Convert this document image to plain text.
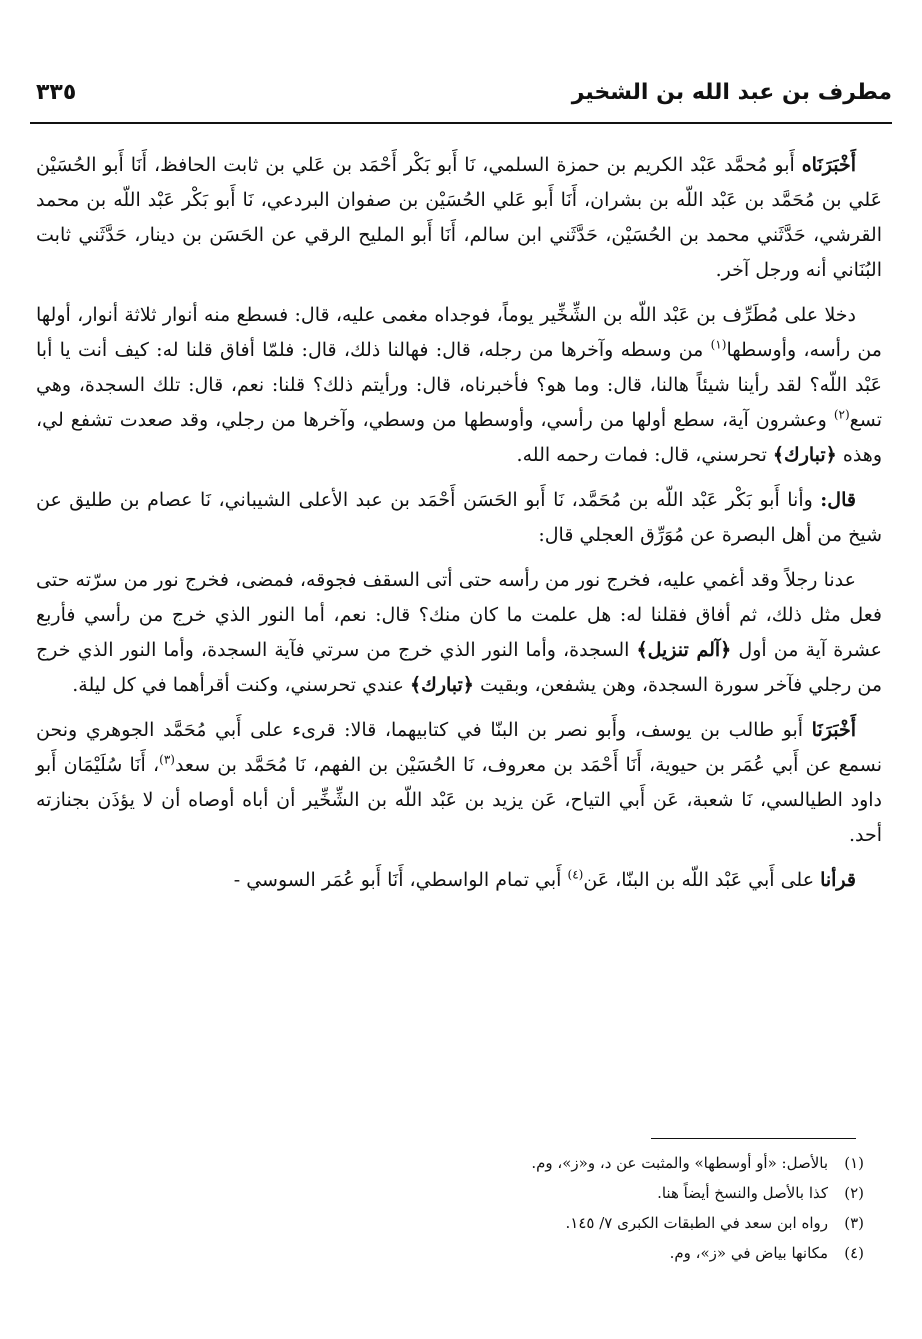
مطرف بن عبد الله بن الشخير
٣٣٥

أَخْبَرَنَاه أَبو مُحمَّد عَبْد الكريم بن حمزة السلمي، نَا أَبو بَكْر أَحْمَد بن عَلي بن ثابت الحافظ، أَنَا أَبو الحُسَيْن عَلي بن مُحَمَّد بن عَبْد اللّه بن بشران، أَنَا أَبو عَلي الحُسَيْن بن صفوان البردعي، نَا أَبو بَكْر عَبْد اللّه بن محمد القرشي، حَدَّثَني محمد بن الحُسَيْن، حَدَّثَني ابن سالم، أَنَا أَبو المليح الرقي عن الحَسَن بن دينار، حَدَّثَني ثابت البُنَاني أنه ورجل آخر.

دخلا على مُطَرِّف بن عَبْد اللّه بن الشِّخِّير يوماً، فوجداه مغمى عليه، قال: فسطع منه أنوار ثلاثة أنوار، أولها من رأسه، وأوسطها$^{(١)}$ من وسطه وآخرها من رجله، قال: فهالنا ذلك، قال: فلمّا أفاق قلنا له: كيف أنت يا أبا عَبْد اللّه؟ لقد رأينا شيئاً هالنا، قال: وما هو؟ فأخبرناه، قال: ورأيتم ذلك؟ قلنا: نعم، قال: تلك السجدة، وهي تسع$^{(٢)}$ وعشرون آية، سطع أولها من رأسي، وأوسطها من وسطي، وآخرها من رجلي، وقد صعدت تشفع لي، وهذه ﴿تبارك﴾ تحرسني، قال: فمات رحمه الله.

قال: وأنا أَبو بَكْر عَبْد اللّه بن مُحَمَّد، نَا أَبو الحَسَن أَحْمَد بن عبد الأعلى الشيباني، نَا عصام بن طليق عن شيخ من أهل البصرة عن مُوَرِّق العجلي قال:

عدنا رجلاً وقد أغمي عليه، فخرج نور من رأسه حتى أتى السقف فجوقه، فمضى، فخرج نور من سرّته حتى فعل مثل ذلك، ثم أفاق فقلنا له: هل علمت ما كان منك؟ قال: نعم، أما النور الذي خرج من رأسي فأربع عشرة آية من أول ﴿آلم تنزيل﴾ السجدة، وأما النور الذي خرج من سرتي فآية السجدة، وأما النور الذي خرج من رجلي فآخر سورة السجدة، وهن يشفعن، وبقيت ﴿تبارك﴾ عندي تحرسني، وكنت أقرأهما في كل ليلة.

أَخْبَرَنَا أَبو طالب بن يوسف، وأَبو نصر بن البنّا في كتابيهما، قالا: قرىء على أَبي مُحَمَّد الجوهري ونحن نسمع عن أَبي عُمَر بن حيوية، أَنَا أَحْمَد بن معروف، نَا الحُسَيْن بن الفهم، نَا مُحَمَّد بن سعد$^{(٣)}$، أَنَا سُلَيْمَان أَبو داود الطيالسي، نَا شعبة، عَن أَبي التياح، عَن يزيد بن عَبْد اللّه بن الشِّخِّير أن أباه أوصاه أن لا يؤذَن بجنازته أحد.

قرأنا على أَبي عَبْد اللّه بن البنّا، عَن$^{(٤)}$ أَبي تمام الواسطي، أَنَا أَبو عُمَر السوسي -

(١)بالأصل: «أو أوسطها» والمثبت عن د، و«ز»، وم.
(٢)كذا بالأصل والنسخ أيضاً هنا.
(٣)رواه ابن سعد في الطبقات الكبرى ٧/ ١٤٥.
(٤)مكانها بياض في «ز»، وم.
